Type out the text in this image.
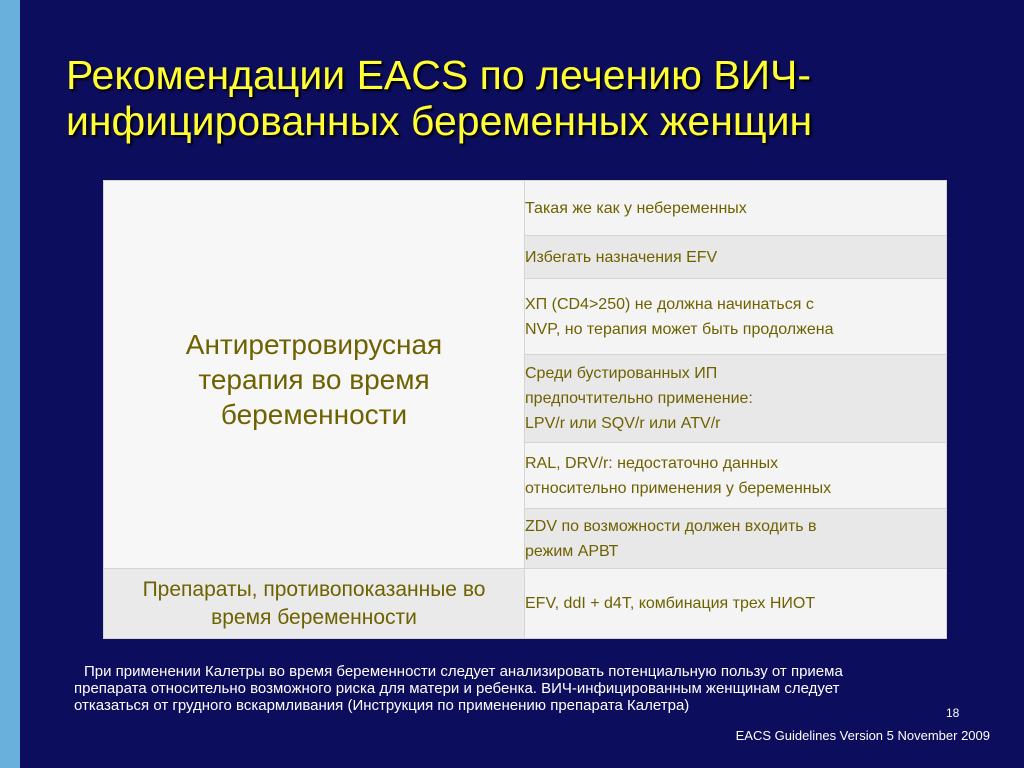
Рекомендации EACS по лечению ВИЧ-
инфицированных беременных женщин
Антиретровирусная
терапия во время
беременности	Такая же как у небеременных

	Избегать назначения EFV

	ХП (CD4>250) не должна начинаться с
NVP, но терапия может быть продолжена

	Среди бустированных ИП
предпочтительно применение:
LPV/r или SQV/r или ATV/r

	RAL, DRV/r: недостаточно данных
относительно применения у беременных

	ZDV по возможности должен входить в
режим АРВТ

Препараты, противопоказанные во время беременности	EFV, ddI + d4T, комбинация трех НИОТ
При применении Калетры во время беременности следует анализировать потенциальную пользу от приема
препарата относительно возможного риска для матери и ребенка. ВИЧ-инфицированным женщинам следует
отказаться от грудного вскармливания (Инструкция по применению препарата Калетра)	18
EACS Guidelines Version 5 November 2009
